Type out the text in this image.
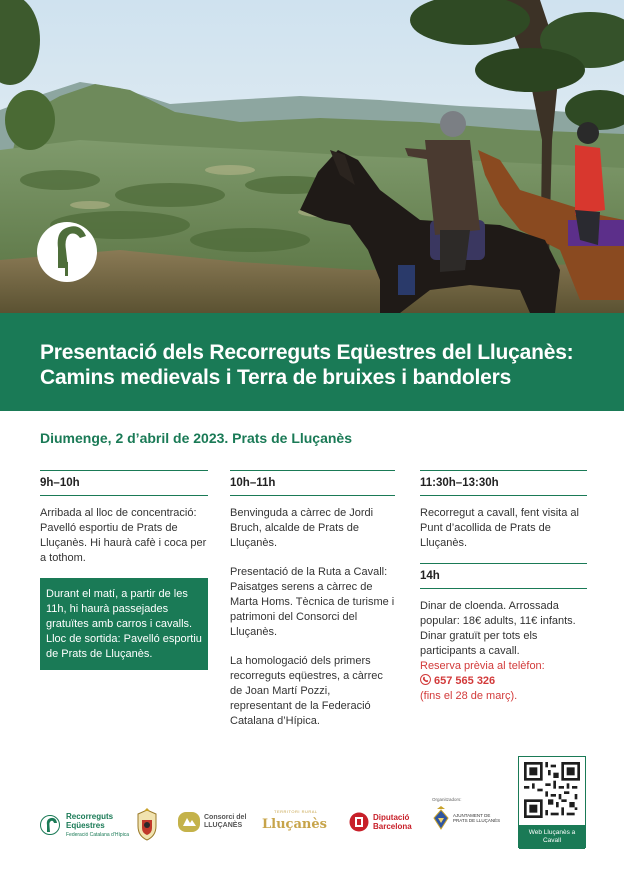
Presentació dels Recorreguts Eqüestres del Lluçanès:
Camins medievals i Terra de bruixes i bandolers
Diumenge, 2 d’abril de 2023. Prats de Lluçanès
9h–10h
Arribada al lloc de concentració: Pavelló esportiu de Prats de Lluçanès. Hi haurà cafè i coca per a tothom.
Durant el matí, a partir de les 11h, hi haurà passejades gratuïtes amb carros i cavalls. Lloc de sortida: Pavelló esportiu de Prats de Lluçanès.
10h–11h
Benvinguda a càrrec de Jordi Bruch, alcalde de Prats de Lluçanès.
Presentació de la Ruta a Cavall: Paisatges serens a càrrec de Marta Homs. Tècnica de turisme i patrimoni del Consorci del Lluçanès.
La homologació dels primers recorreguts eqüestres, a càrrec de Joan Martí Pozzi, representant de la Federació Catalana d’Hípica.
11:30h–13:30h
Recorregut a cavall, fent visita al Punt d’acollida de Prats de Lluçanès.
14h
Dinar de cloenda. Arrossada popular: 18€ adults, 11€ infants. Dinar gratuït per tots els participants a cavall.
Reserva prèvia al telèfon:
657 565 326
(fins el 28 de març).
Web Lluçanès a Cavall
Recorreguts
Eqüestres
Federació Catalana d’Hípica
Consorci del
LLUÇANÈS
TERRITORI RURAL
Lluçanès	Diputació
Barcelona
Organitzadors:
AJUNTAMENT DE
PRATS DE LLUÇANÈS
